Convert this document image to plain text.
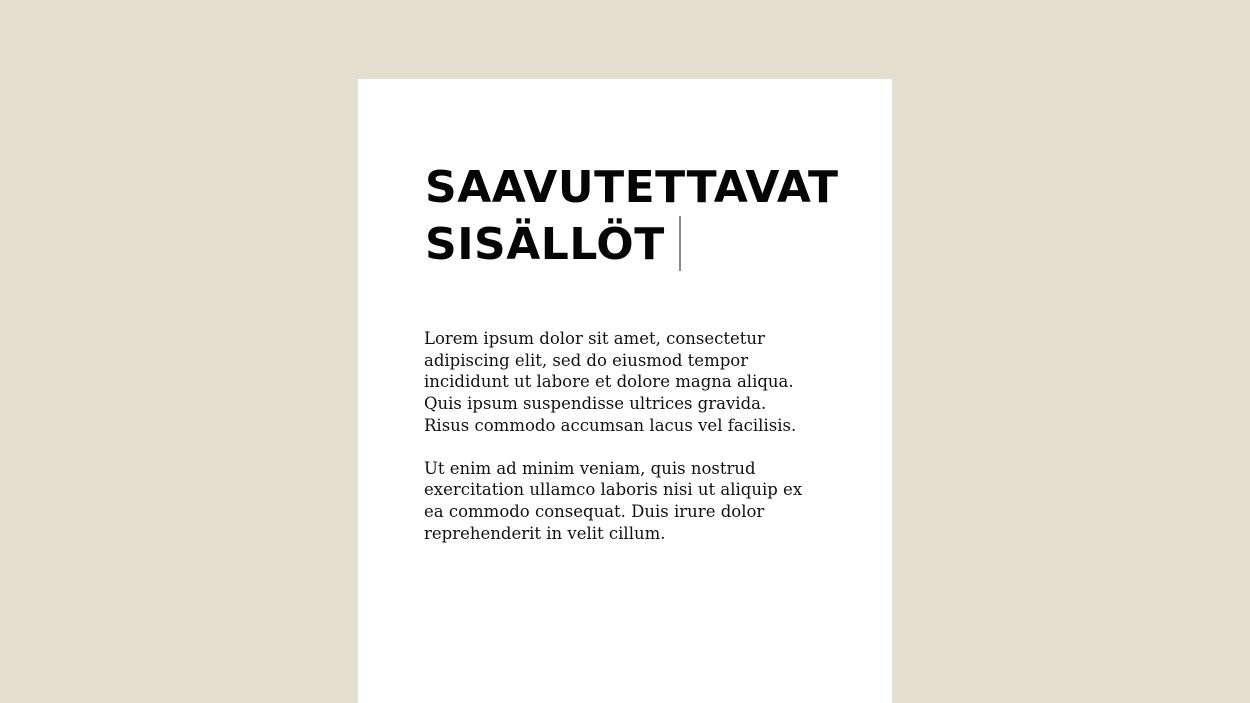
SAAVUTETTAVAT
SISÄLLÖT

Lorem ipsum dolor sit amet, consectetur adipiscing elit, sed do eiusmod tempor incididunt ut labore et dolore magna aliqua. Quis ipsum suspendisse ultrices gravida. Risus commodo accumsan lacus vel facilisis.

Ut enim ad minim veniam, quis nostrud exercitation ullamco laboris nisi ut aliquip ex ea commodo consequat. Duis irure dolor reprehenderit in velit cillum.
